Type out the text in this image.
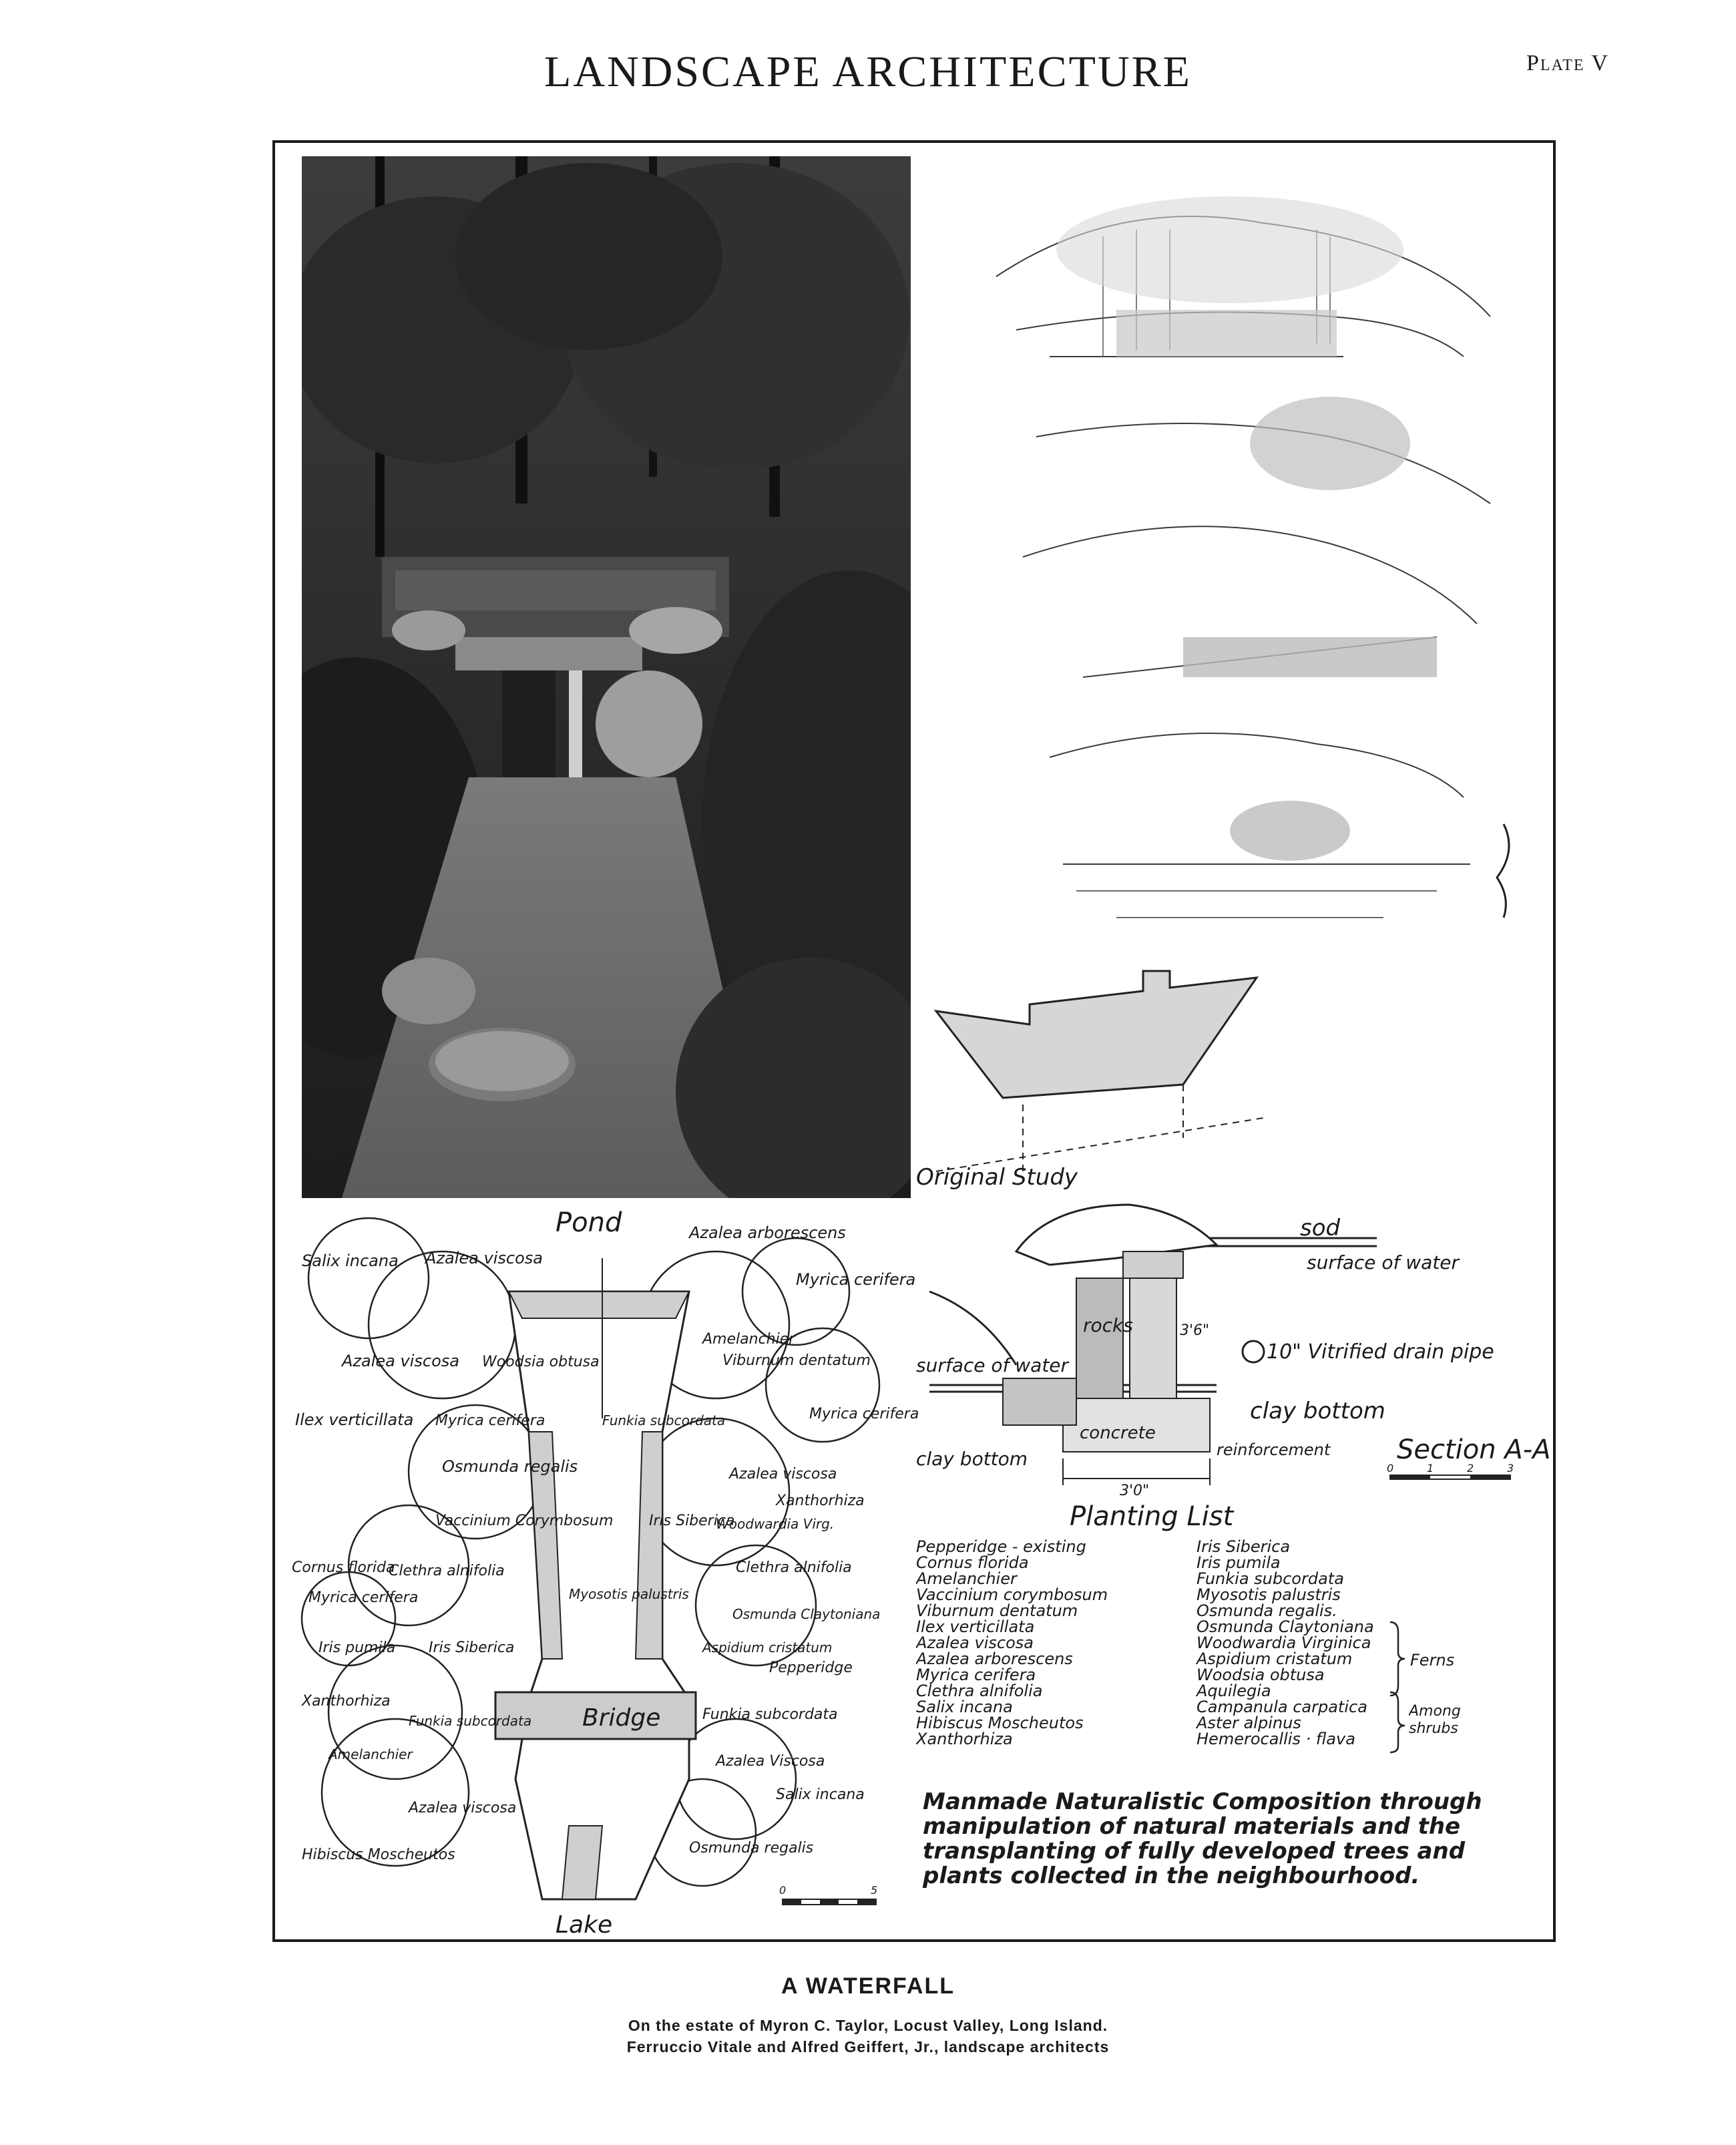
LANDSCAPE ARCHITECTURE	Plate V
Original Study
Bridge
Pond
Lake
0	5
Salix incana Azalea viscosa
Azalea arborescens
Myrica cerifera
Amelanchier
Viburnum dentatum
Azalea viscosa Woodsia obtusa
Myrica cerifera
Ilex verticillata Myrica cerifera	Funkia subcordata
Osmunda regalis	Azalea viscosa
Xanthorhiza
Vaccinium Corymbosum Iris Siberica
Woodwardia Virg.
Cornus florida
Myrica cerifera
Clethra alnifolia	Clethra alnifolia
Myosotis palustris
Osmunda Claytoniana
Iris pumila Iris Siberica	Aspidium cristatum
Pepperidge
Xanthorhiza
Funkia subcordata	Funkia subcordata
Amelanchier	Azalea Viscosa
Salix incana
Azalea viscosa
Osmunda regalis
Hibiscus Moscheutos
sod
surface of water
3'6"
rocks
10" Vitrified drain pipe
surface of water
clay bottom
clay bottom
concrete
reinforcement
3'0"
Section A-A
0	1	2	3
Planting List
Pepperidge - existing
Cornus florida
Amelanchier
Vaccinium corymbosum
Viburnum dentatum
Ilex verticillata
Azalea viscosa
Azalea arborescens
Myrica cerifera
Clethra alnifolia
Salix incana
Hibiscus Moscheutos
Xanthorhiza
Iris Siberica
Iris pumila
Funkia subcordata
Myosotis palustris
Osmunda regalis.
Osmunda Claytoniana
Woodwardia Virginica
Aspidium cristatum
Woodsia obtusa
Aquilegia
Campanula carpatica
Aster alpinus
Hemerocallis · flava
Ferns
Among shrubs
Manmade Naturalistic Composition through
manipulation of natural materials and the
transplanting of fully developed trees and
plants collected in the neighbourhood.
A WATERFALL
On the estate of Myron C. Taylor, Locust Valley, Long Island.
Ferruccio Vitale and Alfred Geiffert, Jr., landscape architects
